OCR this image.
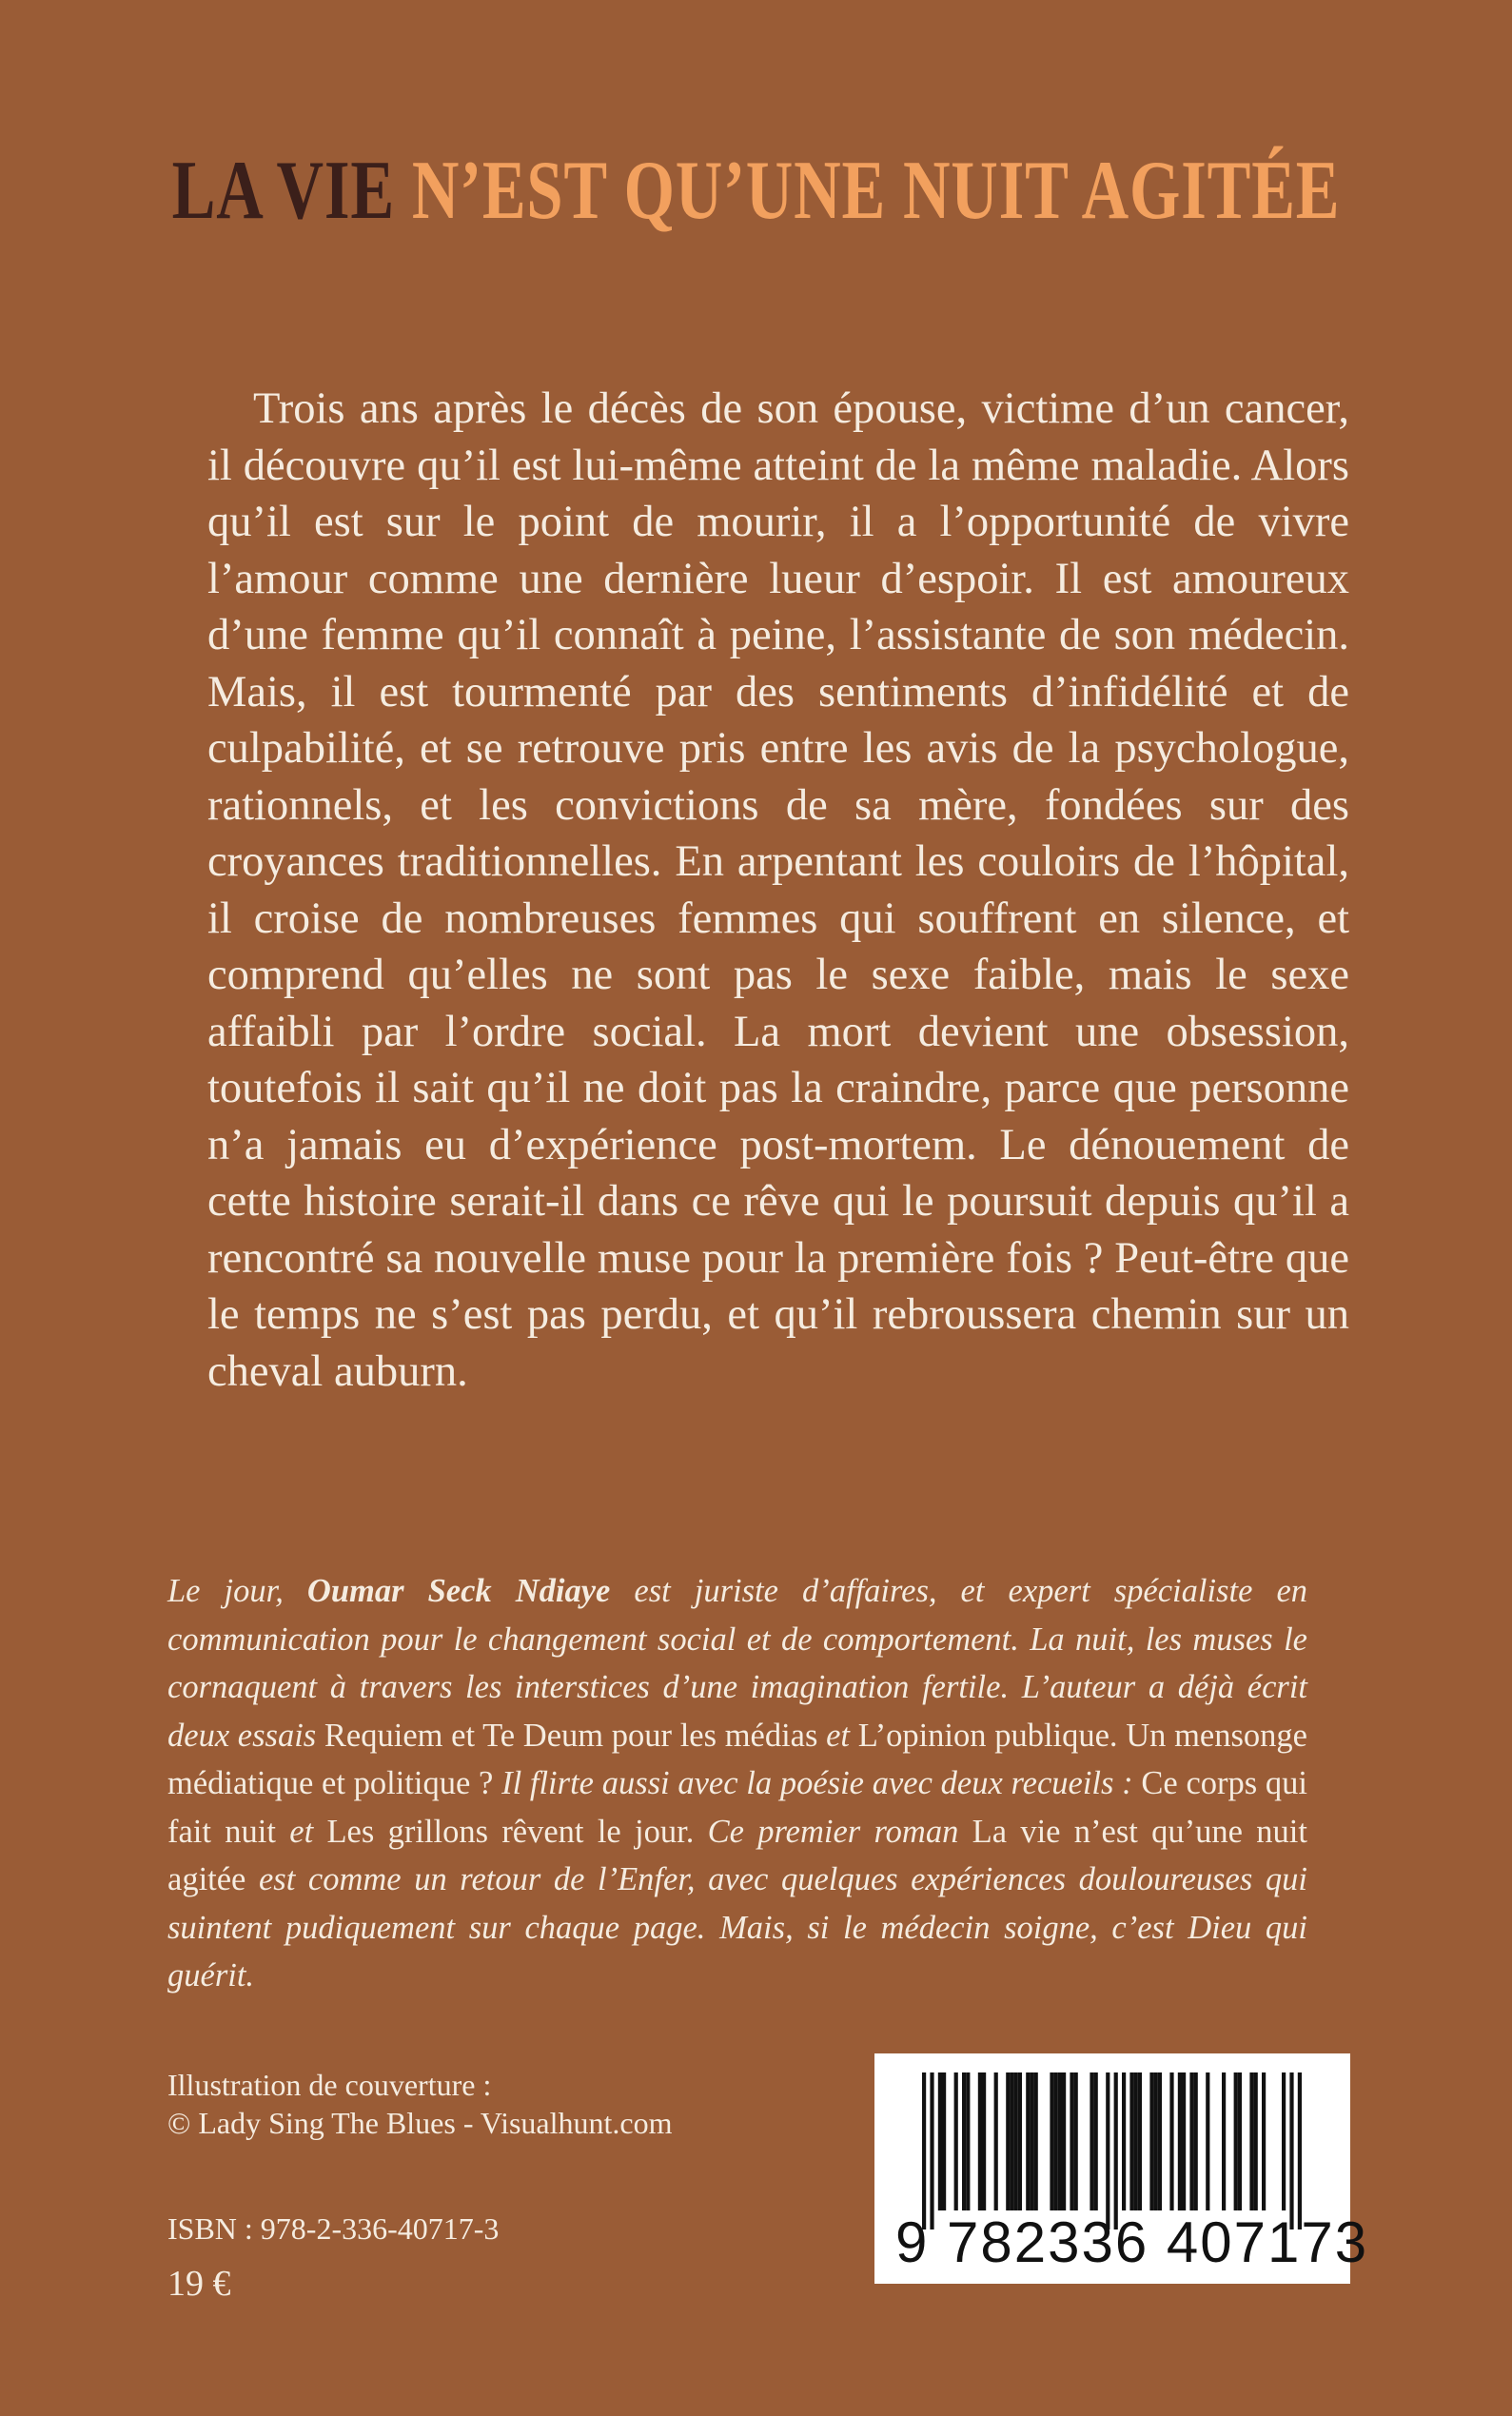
LA VIE N’EST QU’UNE NUIT AGITÉE

Trois ans après le décès de son épouse, victime d’un cancer, il découvre qu’il est lui-même atteint de la même maladie. Alors qu’il est sur le point de mourir, il a l’opportunité de vivre l’amour comme une dernière lueur d’espoir. Il est amoureux d’une femme qu’il connaît à peine, l’assistante de son médecin. Mais, il est tourmenté par des sentiments d’infidélité et de culpabilité, et se retrouve pris entre les avis de la psychologue, rationnels, et les convictions de sa mère, fondées sur des croyances traditionnelles. En arpentant les couloirs de l’hôpital, il croise de nombreuses femmes qui souffrent en silence, et comprend qu’elles ne sont pas le sexe faible, mais le sexe affaibli par l’ordre social. La mort devient une obsession, toutefois il sait qu’il ne doit pas la craindre, parce que personne n’a jamais eu d’expérience post-mortem. Le dénouement de cette histoire serait-il dans ce rêve qui le poursuit depuis qu’il a rencontré sa nouvelle muse pour la première fois ? Peut-être que le temps ne s’est pas perdu, et qu’il rebroussera chemin sur un cheval auburn.

Le jour, Oumar Seck Ndiaye est juriste d’affaires, et expert spécialiste en communication pour le changement social et de comportement. La nuit, les muses le cornaquent à travers les interstices d’une imagination fertile. L’auteur a déjà écrit deux essais Requiem et Te Deum pour les médias et L’opinion publique. Un mensonge médiatique et politique ? Il flirte aussi avec la poésie avec deux recueils : Ce corps qui fait nuit et Les grillons rêvent le jour. Ce premier roman La vie n’est qu’une nuit agitée est comme un retour de l’Enfer, avec quelques expériences douloureuses qui suintent pudiquement sur chaque page. Mais, si le médecin soigne, c’est Dieu qui guérit.

Illustration de couverture :
© Lady Sing The Blues - Visualhunt.com
ISBN : 978-2-336-40717-3
19 €
9 782336 407173
